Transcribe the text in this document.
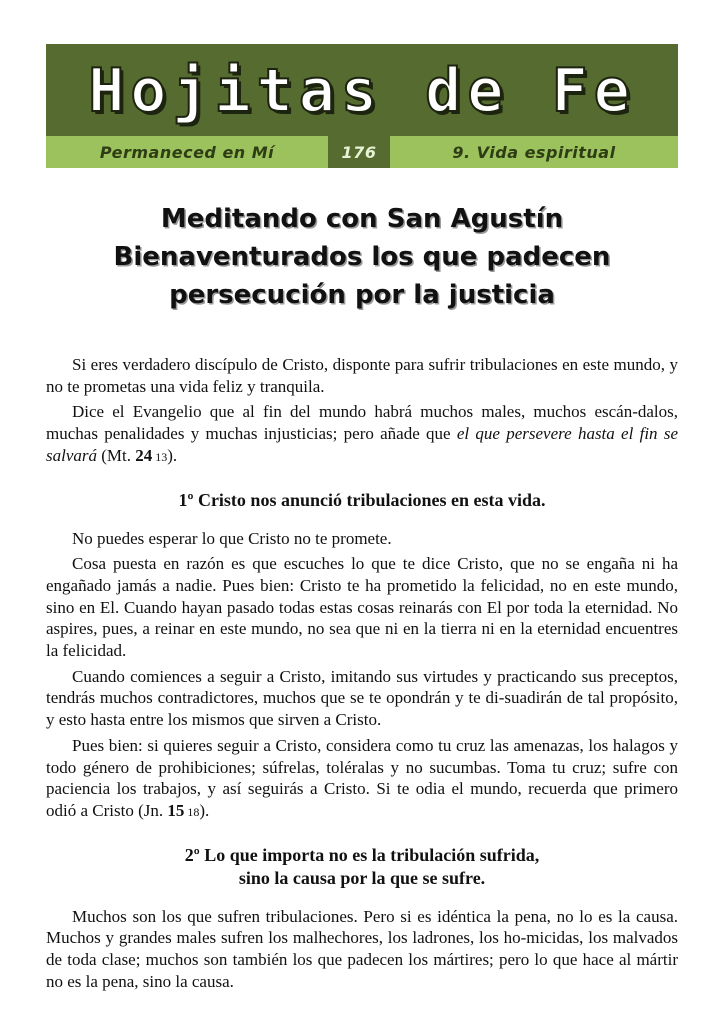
Hojitas de Fe
Permaneced en Mí	176	9. Vida espiritual
Meditando con San Agustín
Bienaventurados los que padecen
persecución por la justicia

Si eres verdadero discípulo de Cristo, disponte para sufrir tribulaciones en este mundo, y no te prometas una vida feliz y tranquila.

Dice el Evangelio que al fin del mundo habrá muchos males, muchos escán-dalos, muchas penalidades y muchas injusticias; pero añade que el que persevere hasta el fin se salvará (Mt. 24 13).

1º Cristo nos anunció tribulaciones en esta vida.

No puedes esperar lo que Cristo no te promete.

Cosa puesta en razón es que escuches lo que te dice Cristo, que no se engaña ni ha engañado jamás a nadie. Pues bien: Cristo te ha prometido la felicidad, no en este mundo, sino en El. Cuando hayan pasado todas estas cosas reinarás con El por toda la eternidad. No aspires, pues, a reinar en este mundo, no sea que ni en la tierra ni en la eternidad encuentres la felicidad.

Cuando comiences a seguir a Cristo, imitando sus virtudes y practicando sus preceptos, tendrás muchos contradictores, muchos que se te opondrán y te di-suadirán de tal propósito, y esto hasta entre los mismos que sirven a Cristo.

Pues bien: si quieres seguir a Cristo, considera como tu cruz las amenazas, los halagos y todo género de prohibiciones; súfrelas, toléralas y no sucumbas. Toma tu cruz; sufre con paciencia los trabajos, y así seguirás a Cristo. Si te odia el mundo, recuerda que primero odió a Cristo (Jn. 15 18).

2º Lo que importa no es la tribulación sufrida,
sino la causa por la que se sufre.

Muchos son los que sufren tribulaciones. Pero si es idéntica la pena, no lo es la causa. Muchos y grandes males sufren los malhechores, los ladrones, los ho-micidas, los malvados de toda clase; muchos son también los que padecen los mártires; pero lo que hace al mártir no es la pena, sino la causa.
